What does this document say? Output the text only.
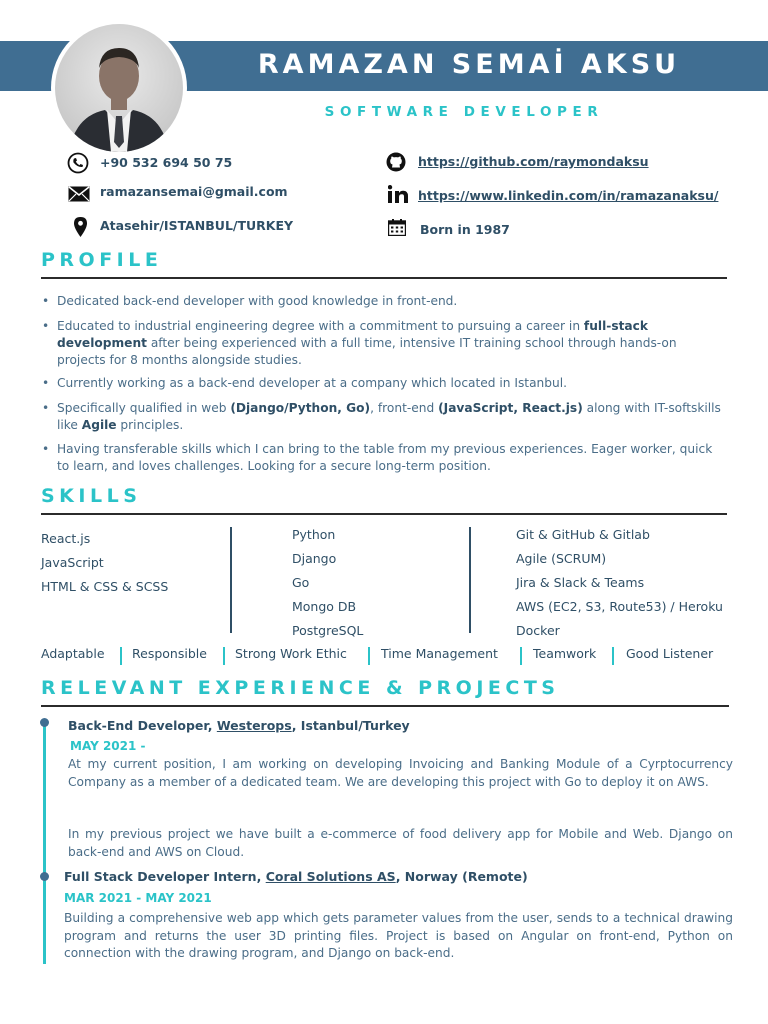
RAMAZAN SEMAİ AKSU
SOFTWARE DEVELOPER
+90 532 694 50 75
ramazansemai@gmail.com
Atasehir/ISTANBUL/TURKEY
https://github.com/raymondaksu
https://www.linkedin.com/in/ramazanaksu/
Born in 1987
PROFILE
• Dedicated back-end developer with good knowledge in front-end.
• Educated to industrial engineering degree with a commitment to pursuing a career in full-stack development after being experienced with a full time, intensive IT training school through hands-on projects for 8 months alongside studies.
• Currently working as a back-end developer at a company which located in Istanbul.
• Specifically qualified in web (Django/Python, Go), front-end (JavaScript, React.js) along with IT-softskills like Agile principles.
• Having transferable skills which I can bring to the table from my previous experiences. Eager worker, quick to learn, and loves challenges. Looking for a secure long-term position.
SKILLS
React.js
JavaScript
HTML & CSS & SCSS
Python
Django
Go
Mongo DB
PostgreSQL
Git & GitHub & Gitlab
Agile (SCRUM)
Jira & Slack & Teams
AWS (EC2, S3, Route53) / Heroku
Docker
Adaptable Responsible Strong Work Ethic	Time Management	Teamwork Good Listener
RELEVANT EXPERIENCE & PROJECTS
Back-End Developer, Westerops, Istanbul/Turkey
MAY 2021 -
At my current position, I am working on developing Invoicing and Banking Module of a Cyrptocurrency Company as a member of a dedicated team. We are developing this project with Go to deploy it on AWS.
In my previous project we have built a e-commerce of food delivery app for Mobile and Web. Django on back-end and AWS on Cloud.
Full Stack Developer Intern, Coral Solutions AS, Norway (Remote)
MAR 2021 - MAY 2021
Building a comprehensive web app which gets parameter values from the user, sends to a technical drawing program and returns the user 3D printing files. Project is based on Angular on front-end, Python on connection with the drawing program, and Django on back-end.
